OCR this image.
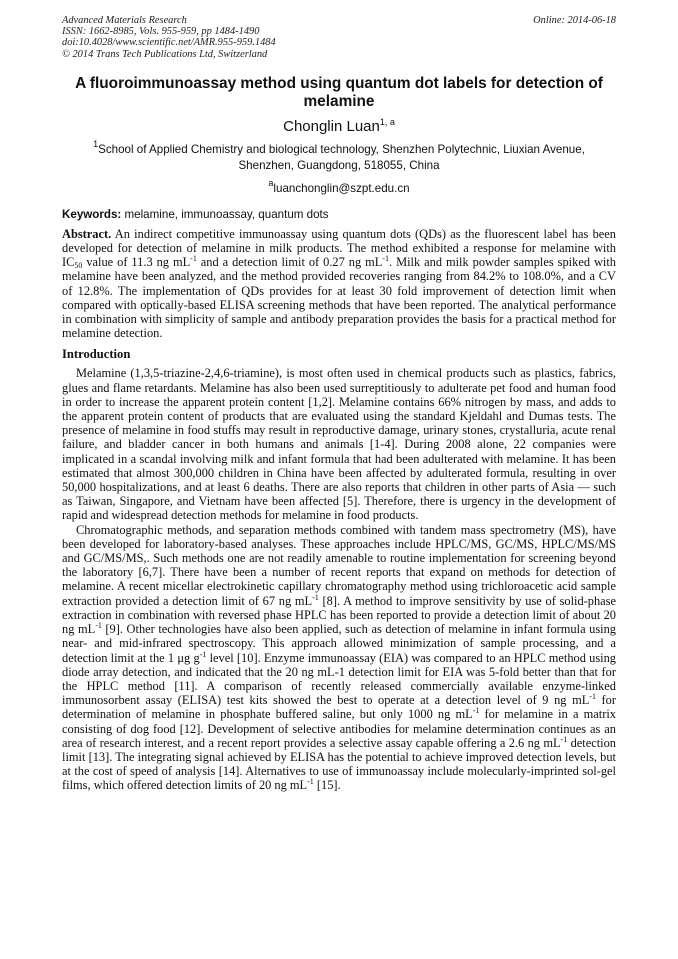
Advanced Materials Research
ISSN: 1662-8985, Vols. 955-959, pp 1484-1490
doi:10.4028/www.scientific.net/AMR.955-959.1484
© 2014 Trans Tech Publications Ltd, Switzerland
Online: 2014-06-18
A fluoroimmunoassay method using quantum dot labels for detection of melamine
Chonglin Luan$^{1, a}$
$^1$School of Applied Chemistry and biological technology, Shenzhen Polytechnic, Liuxian Avenue,
Shenzhen, Guangdong, 518055, China
$^a$luanchonglin@szpt.edu.cn
Keywords: melamine, immunoassay, quantum dots

Abstract. An indirect competitive immunoassay using quantum dots (QDs) as the fluorescent label has been developed for detection of melamine in milk products. The method exhibited a response for melamine with $IC_{50}$ value of 11.3 ng $mL^{-1}$ and a detection limit of 0.27 ng $mL^{-1}$. Milk and milk powder samples spiked with melamine have been analyzed, and the method provided recoveries ranging from 84.2% to 108.0%, and a CV of 12.8%. The implementation of QDs provides for at least 30 fold improvement of detection limit when compared with optically-based ELISA screening methods that have been reported. The analytical performance in combination with simplicity of sample and antibody preparation provides the basis for a practical method for melamine detection.

Introduction

Melamine (1,3,5-triazine-2,4,6-triamine), is most often used in chemical products such as plastics, fabrics, glues and flame retardants. Melamine has also been used surreptitiously to adulterate pet food and human food in order to increase the apparent protein content [1,2]. Melamine contains 66% nitrogen by mass, and adds to the apparent protein content of products that are evaluated using the standard Kjeldahl and Dumas tests. The presence of melamine in food stuffs may result in reproductive damage, urinary stones, crystalluria, acute renal failure, and bladder cancer in both humans and animals [1-4]. During 2008 alone, 22 companies were implicated in a scandal involving milk and infant formula that had been adulterated with melamine. It has been estimated that almost 300,000 children in China have been affected by adulterated formula, resulting in over 50,000 hospitalizations, and at least 6 deaths. There are also reports that children in other parts of Asia — such as Taiwan, Singapore, and Vietnam have been affected [5]. Therefore, there is urgency in the development of rapid and widespread detection methods for melamine in food products.

Chromatographic methods, and separation methods combined with tandem mass spectrometry (MS), have been developed for laboratory-based analyses. These approaches include HPLC/MS, GC/MS, HPLC/MS/MS and GC/MS/MS,. Such methods one are not readily amenable to routine implementation for screening beyond the laboratory [6,7]. There have been a number of recent reports that expand on methods for detection of melamine. A recent micellar electrokinetic capillary chromatography method using trichloroacetic acid sample extraction provided a detection limit of 67 ng $mL^{-1}$ [8]. A method to improve sensitivity by use of solid-phase extraction in combination with reversed phase HPLC has been reported to provide a detection limit of about 20 ng $mL^{-1}$ [9]. Other technologies have also been applied, such as detection of melamine in infant formula using near- and mid-infrared spectroscopy. This approach allowed minimization of sample processing, and a detection limit at the 1 μg $g^{-1}$ level [10]. Enzyme immunoassay (EIA) was compared to an HPLC method using diode array detection, and indicated that the 20 ng mL-1 detection limit for EIA was 5-fold better than that for the HPLC method [11]. A comparison of recently released commercially available enzyme-linked immunosorbent assay (ELISA) test kits showed the best to operate at a detection level of 9 ng $mL^{-1}$ for determination of melamine in phosphate buffered saline, but only 1000 ng $mL^{-1}$ for melamine in a matrix consisting of dog food [12]. Development of selective antibodies for melamine determination continues as an area of research interest, and a recent report provides a selective assay capable offering a 2.6 ng $mL^{-1}$ detection limit [13]. The integrating signal achieved by ELISA has the potential to achieve improved detection levels, but at the cost of speed of analysis [14]. Alternatives to use of immunoassay include molecularly-imprinted sol-gel films, which offered detection limits of 20 ng $mL^{-1}$ [15].
